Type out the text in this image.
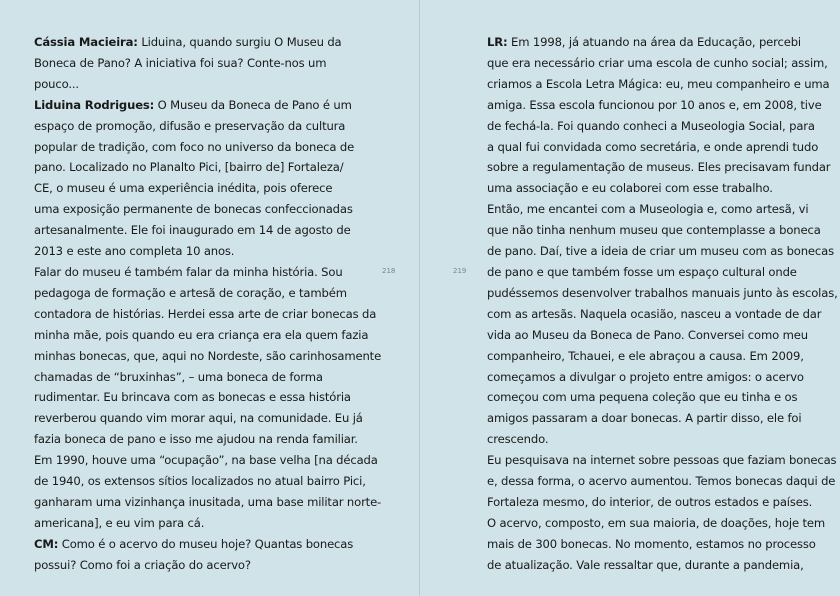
Cássia Macieira: Liduina, quando surgiu O Museu da
Boneca de Pano? A iniciativa foi sua? Conte-nos um
pouco...
Liduina Rodrigues: O Museu da Boneca de Pano é um
espaço de promoção, difusão e preservação da cultura
popular de tradição, com foco no universo da boneca de
pano. Localizado no Planalto Pici, [bairro de] Fortaleza/
CE, o museu é uma experiência inédita, pois oferece
uma exposição permanente de bonecas confeccionadas
artesanalmente. Ele foi inaugurado em 14 de agosto de
2013 e este ano completa 10 anos.
Falar do museu é também falar da minha história. Sou
pedagoga de formação e artesã de coração, e também
contadora de histórias. Herdei essa arte de criar bonecas da
minha mãe, pois quando eu era criança era ela quem fazia
minhas bonecas, que, aqui no Nordeste, são carinhosamente
chamadas de “bruxinhas”, – uma boneca de forma
rudimentar. Eu brincava com as bonecas e essa história
reverberou quando vim morar aqui, na comunidade. Eu já
fazia boneca de pano e isso me ajudou na renda familiar.
Em 1990, houve uma “ocupação”, na base velha [na década
de 1940, os extensos sítios localizados no atual bairro Pici,
ganharam uma vizinhança inusitada, uma base militar norte-
americana], e eu vim para cá.
CM: Como é o acervo do museu hoje? Quantas bonecas
possui? Como foi a criação do acervo?
218	219
LR: Em 1998, já atuando na área da Educação, percebi
que era necessário criar uma escola de cunho social; assim,
criamos a Escola Letra Mágica: eu, meu companheiro e uma
amiga. Essa escola funcionou por 10 anos e, em 2008, tive
de fechá-la. Foi quando conheci a Museologia Social, para
a qual fui convidada como secretária, e onde aprendi tudo
sobre a regulamentação de museus. Eles precisavam fundar
uma associação e eu colaborei com esse trabalho.
Então, me encantei com a Museologia e, como artesã, vi
que não tinha nenhum museu que contemplasse a boneca
de pano. Daí, tive a ideia de criar um museu com as bonecas
de pano e que também fosse um espaço cultural onde
pudéssemos desenvolver trabalhos manuais junto às escolas,
com as artesãs. Naquela ocasião, nasceu a vontade de dar
vida ao Museu da Boneca de Pano. Conversei como meu
companheiro, Tchauei, e ele abraçou a causa. Em 2009,
começamos a divulgar o projeto entre amigos: o acervo
começou com uma pequena coleção que eu tinha e os
amigos passaram a doar bonecas. A partir disso, ele foi
crescendo.
Eu pesquisava na internet sobre pessoas que faziam bonecas
e, dessa forma, o acervo aumentou. Temos bonecas daqui de
Fortaleza mesmo, do interior, de outros estados e países.
O acervo, composto, em sua maioria, de doações, hoje tem
mais de 300 bonecas. No momento, estamos no processo
de atualização. Vale ressaltar que, durante a pandemia,
